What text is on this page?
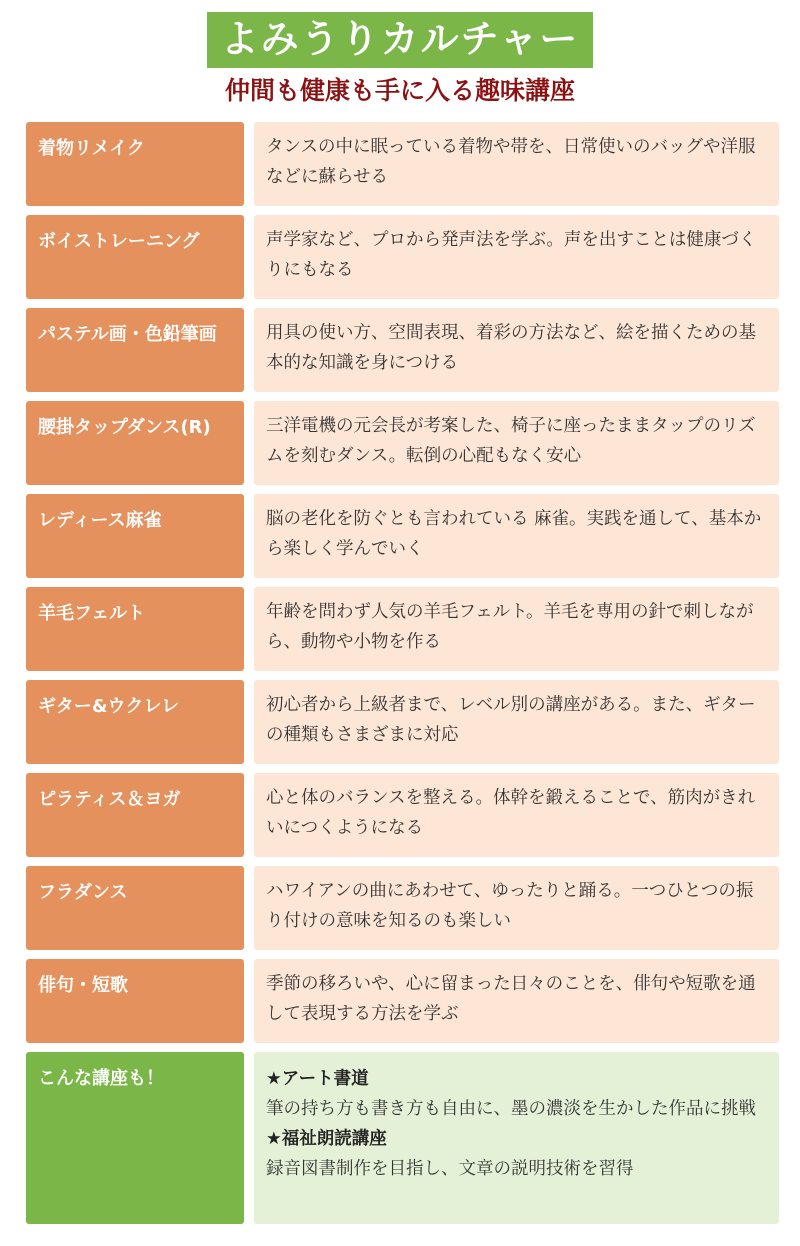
よみうりカルチャー
仲間も健康も手に入る趣味講座
着物リメイク	タンスの中に眠っている着物や帯を、日常使いのバッグや洋服などに蘇らせる
ボイストレーニング	声学家など、プロから発声法を学ぶ。声を出すことは健康づくりにもなる
パステル画・色鉛筆画	用具の使い方、空間表現、着彩の方法など、絵を描くための基本的な知識を身につける
腰掛タップダンス(R)	三洋電機の元会長が考案した、椅子に座ったままタップのリズムを刻むダンス。転倒の心配もなく安心
レディース麻雀	脳の老化を防ぐとも言われている 麻雀。実践を通して、基本から楽しく学んでいく
羊毛フェルト	年齢を問わず人気の羊毛フェルト。羊毛を専用の針で刺しながら、動物や小物を作る
ギター&ウクレレ	初心者から上級者まで、レベル別の講座がある。また、ギターの種類もさまざまに対応
ピラティス＆ヨガ	心と体のバランスを整える。体幹を鍛えることで、筋肉がきれいにつくようになる
フラダンス	ハワイアンの曲にあわせて、ゆったりと踊る。一つひとつの振り付けの意味を知るのも楽しい
俳句・短歌	季節の移ろいや、心に留まった日々のことを、俳句や短歌を通して表現する方法を学ぶ
こんな講座も！	★アート書道
筆の持ち方も書き方も自由に、墨の濃淡を生かした作品に挑戦
★福祉朗読講座
録音図書制作を目指し、文章の説明技術を習得
